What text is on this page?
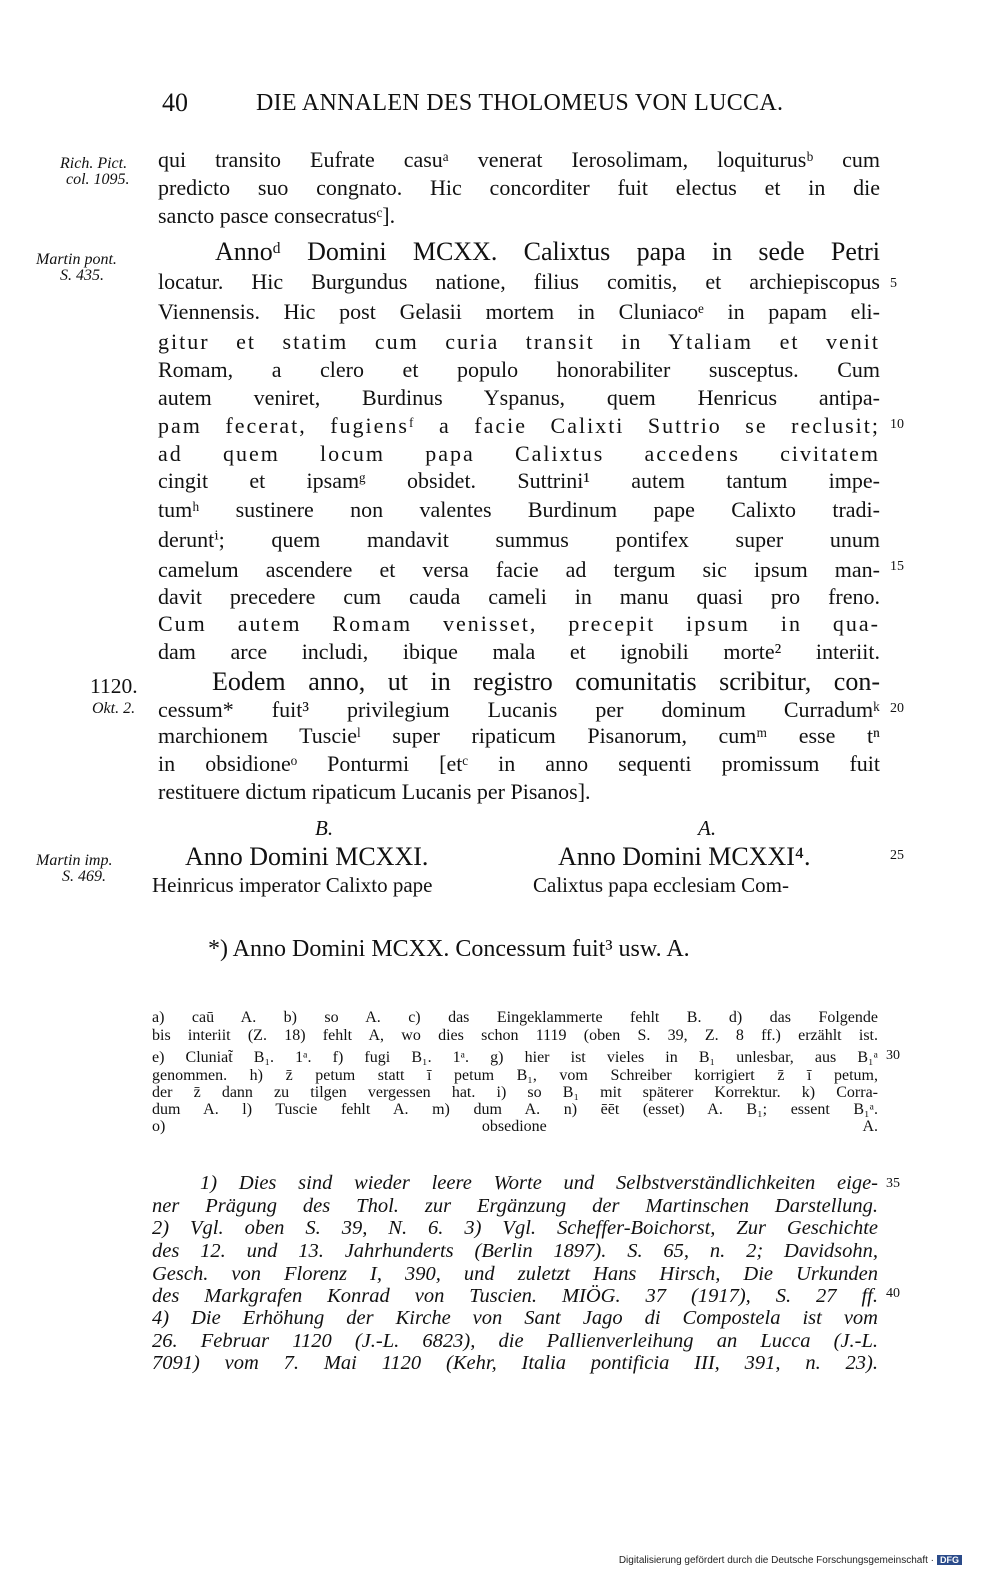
40	DIE ANNALEN DES THOLOMEUS VON LUCCA.
Rich. Pict.
col. 1095.
Martin pont.
S. 435.
1120.
Okt. 2.
Martin imp.
S. 469.
qui transito Eufrate casuᵃ venerat Ierosolimam, loquiturusᵇ cum
predicto suo congnato. Hic concorditer fuit electus et in die
sancto pasce consecratusᶜ].
Annoᵈ Domini MCXX. Calixtus papa in sede Petri
locatur. Hic Burgundus natione, filius comitis, et archiepiscopus
Viennensis. Hic post Gelasii mortem in Cluniacoᵉ in papam eli-
gitur et statim cum curia transit in Ytaliam et venit
Romam, a clero et populo honorabiliter susceptus. Cum
autem veniret, Burdinus Yspanus, quem Henricus antipa-
pam fecerat, fugiensᶠ a facie Calixti Suttrio se reclusit;
ad quem locum papa Calixtus accedens civitatem
cingit et ipsamᵍ obsidet. Suttrini¹ autem tantum impe-
tumʰ sustinere non valentes Burdinum pape Calixto tradi-
deruntⁱ; quem mandavit summus pontifex super unum
camelum ascendere et versa facie ad tergum sic ipsum man-
davit precedere cum cauda cameli in manu quasi pro freno.
Cum autem Romam venisset, precepit ipsum in qua-
dam arce includi, ibique mala et ignobili morte² interiit.
Eodem anno, ut in registro comunitatis scribitur, con-
cessum* fuit³ privilegium Lucanis per dominum Curradumᵏ
marchionem Tuscieˡ super ripaticum Pisanorum, cumᵐ esse tⁿ
in obsidioneᵒ Ponturmi [etᶜ in anno sequenti promissum fuit
restituere dictum ripaticum Lucanis per Pisanos].
5
10
15
20
25
30
35
40
B.	A.
Anno Domini MCXXI.	Anno Domini MCXXI⁴.
Heinricus imperator Calixto pape	Calixtus papa ecclesiam Com-
*) Anno Domini MCXX. Concessum fuit³ usw. A.
a) caū A. b) so A. c) das Eingeklammerte fehlt B. d) das Folgende
bis interiit (Z. 18) fehlt A, wo dies schon 1119 (oben S. 39, Z. 8 ff.) erzählt ist.
e) Cluniat̃ B₁. 1ᵃ. f) fugi B₁. 1ᵃ. g) hier ist vieles in B₁ unlesbar, aus B₁ᵃ
genommen. h) z̄ petum statt ī petum B₁, vom Schreiber korrigiert z̄ ī petum,
der z̄ dann zu tilgen vergessen hat. i) so B₁ mit späterer Korrektur. k) Corra-
dum A. l) Tuscie fehlt A. m) dum A. n) ēēt (esset) A. B₁; essent B₁ᵃ.
o) obsedione A.
1) Dies sind wieder leere Worte und Selbstverständlichkeiten eige-
ner Prägung des Thol. zur Ergänzung der Martinschen Darstellung.
2) Vgl. oben S. 39, N. 6. 3) Vgl. Scheffer-Boichorst, Zur Geschichte
des 12. und 13. Jahrhunderts (Berlin 1897). S. 65, n. 2; Davidsohn,
Gesch. von Florenz I, 390, und zuletzt Hans Hirsch, Die Urkunden
des Markgrafen Konrad von Tuscien. MIÖG. 37 (1917), S. 27 ff.
4) Die Erhöhung der Kirche von Sant Jago di Compostela ist vom
26. Februar 1120 (J.-L. 6823), die Pallienverleihung an Lucca (J.-L.
7091) vom 7. Mai 1120 (Kehr, Italia pontificia III, 391, n. 23).
Digitalisierung gefördert durch die Deutsche Forschungsgemeinschaft · DFG
